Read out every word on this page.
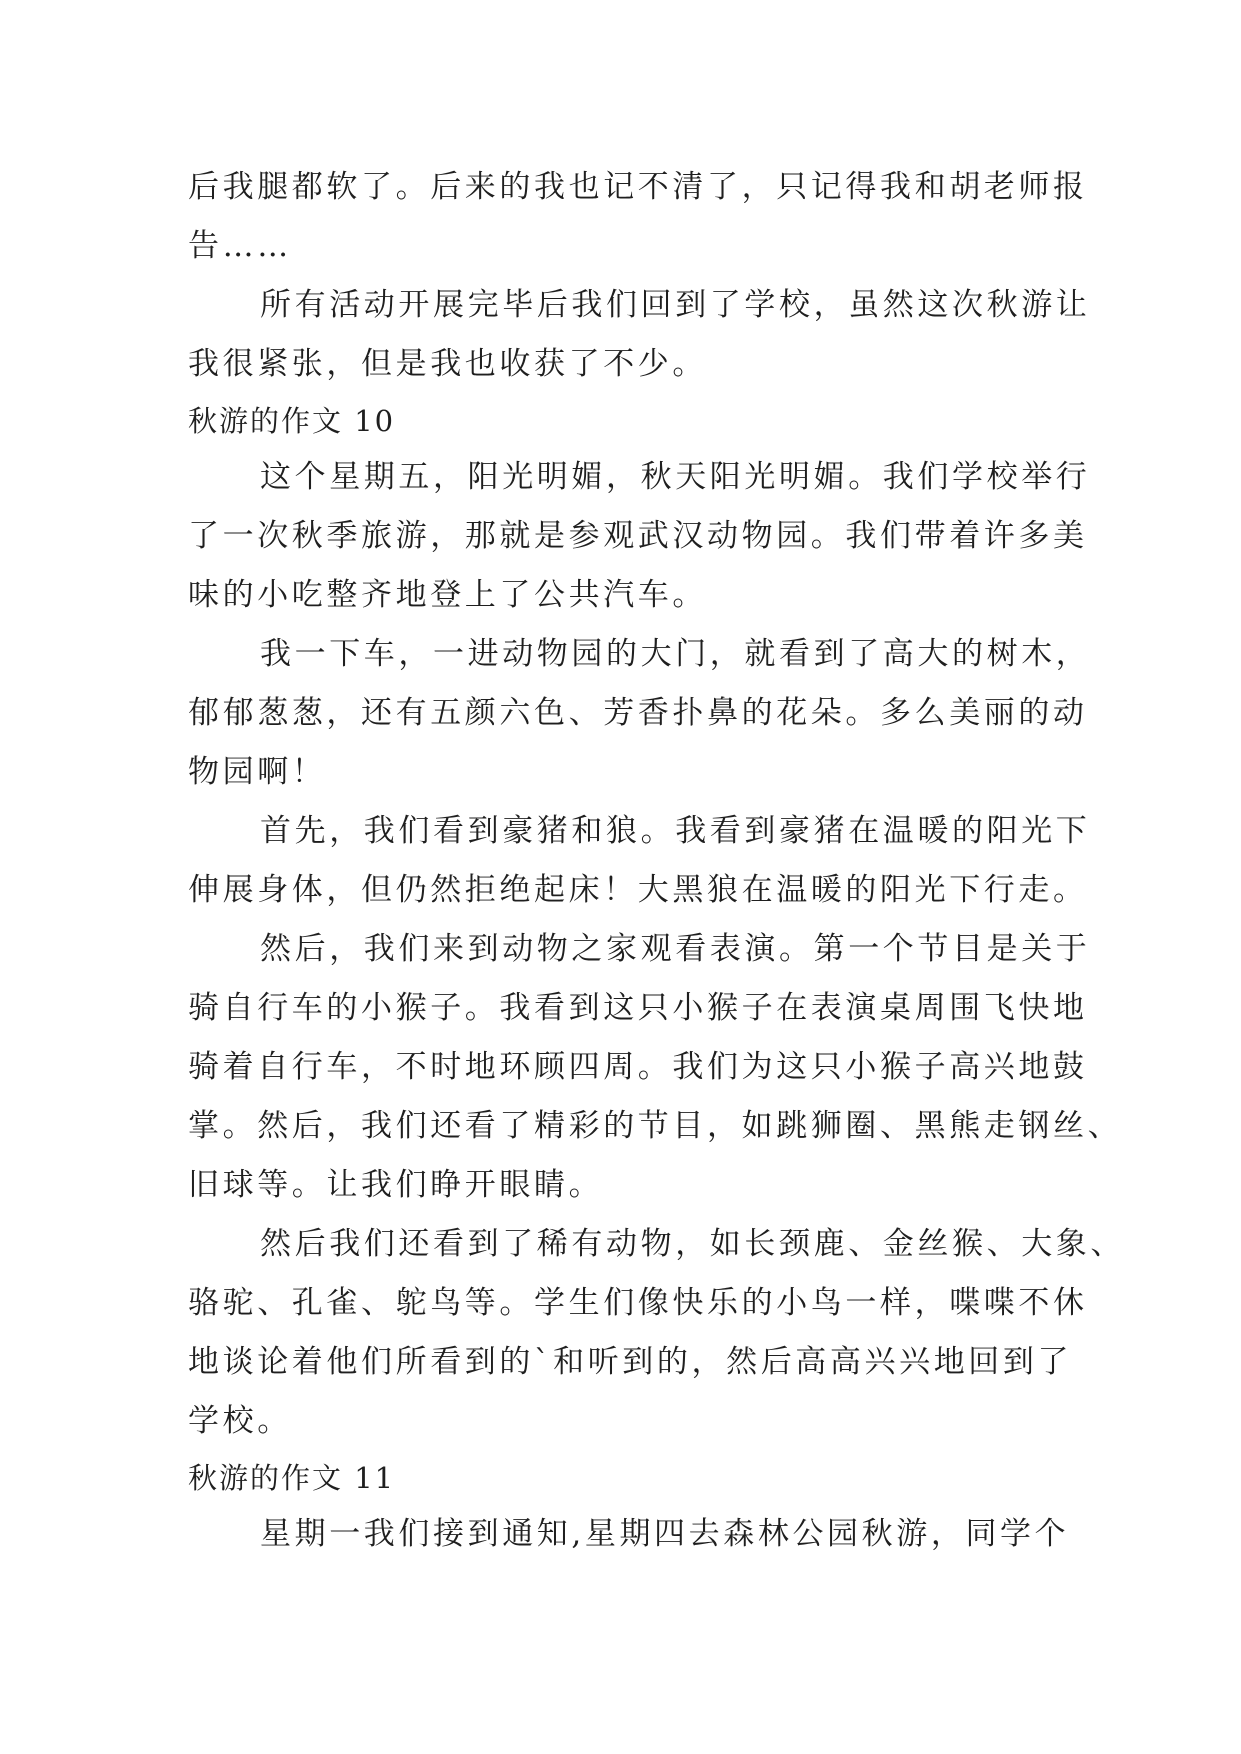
后我腿都软了。后来的我也记不清了，只记得我和胡老师报
告……
所有活动开展完毕后我们回到了学校，虽然这次秋游让
我很紧张，但是我也收获了不少。
秋游的作文 10
这个星期五，阳光明媚，秋天阳光明媚。我们学校举行
了一次秋季旅游，那就是参观武汉动物园。我们带着许多美
味的小吃整齐地登上了公共汽车。
我一下车，一进动物园的大门，就看到了高大的树木，
郁郁葱葱，还有五颜六色、芳香扑鼻的花朵。多么美丽的动
物园啊！
首先，我们看到豪猪和狼。我看到豪猪在温暖的阳光下
伸展身体，但仍然拒绝起床！大黑狼在温暖的阳光下行走。
然后，我们来到动物之家观看表演。第一个节目是关于
骑自行车的小猴子。我看到这只小猴子在表演桌周围飞快地
骑着自行车，不时地环顾四周。我们为这只小猴子高兴地鼓
掌。然后，我们还看了精彩的节目，如跳狮圈、黑熊走钢丝、
旧球等。让我们睁开眼睛。
然后我们还看到了稀有动物，如长颈鹿、金丝猴、大象、
骆驼、孔雀、鸵鸟等。学生们像快乐的小鸟一样，喋喋不休
地谈论着他们所看到的`和听到的，然后高高兴兴地回到了
学校。
秋游的作文 11
星期一我们接到通知,星期四去森林公园秋游，同学个
